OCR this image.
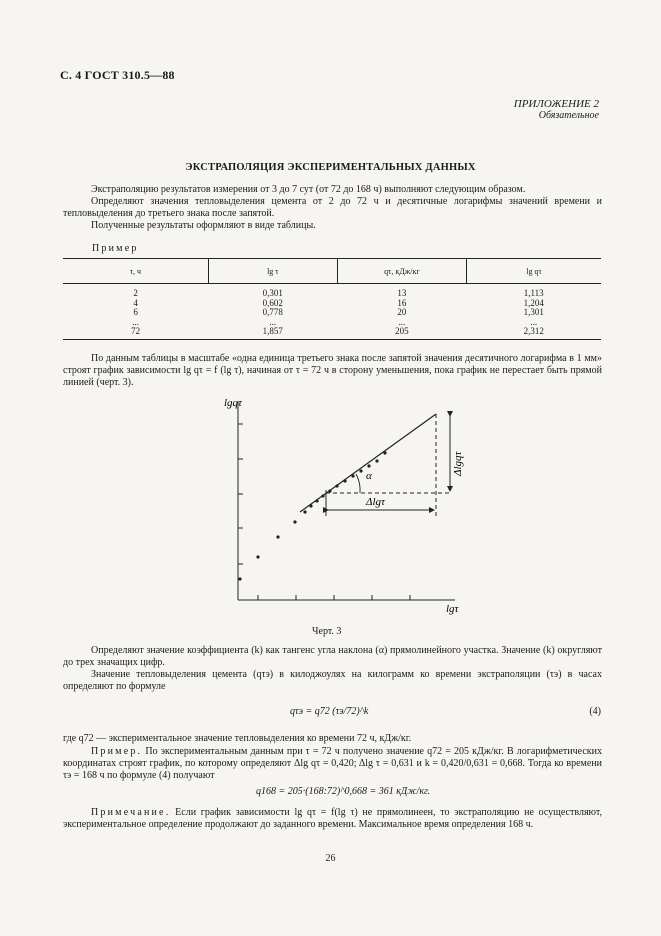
С. 4 ГОСТ 310.5—88
ПРИЛОЖЕНИЕ 2
Обязательное
ЭКСТРАПОЛЯЦИЯ ЭКСПЕРИМЕНТАЛЬНЫХ ДАННЫХ

Экстраполяцию результатов измерения от 3 до 7 сут (от 72 до 168 ч) выполняют следующим образом.

Определяют значения тепловыделения цемента от 2 до 72 ч и десятичные логарифмы значений времени и тепловыделения до третьего знака после запятой.

Полученные результаты оформляют в виде таблицы.

Пример
τ, ч	lg τ	qτ, кДж/кг	lg qτ
2	0,301	13	1,113
4	0,602	16	1,204
6	0,778	20	1,301
...	...	...	...
72	1,857	205	2,312

По данным таблицы в масштабе «одна единица третьего знака после запятой значения десятичного логарифма в 1 мм» строят график зависимости lg qτ = f (lg τ), начиная от τ = 72 ч в сторону уменьшения, пока график не перестает быть прямой линией (черт. 3).

lgqτ
lgτ
α
Δlgτ
Δlgqτ
Черт. 3

Определяют значение коэффициента (k) как тангенс угла наклона (α) прямолинейного участка. Значение (k) округляют до трех значащих цифр.

Значение тепловыделения цемента (qτэ) в килоджоулях на килограмм ко времени экстраполяции (τэ) в часах определяют по формуле

qτэ = q72 (τэ/72)^k	(4)

где q72 — экспериментальное значение тепловыделения ко времени 72 ч, кДж/кг.

Пример. По экспериментальным данным при τ = 72 ч получено значение q72 = 205 кДж/кг. В логарифметических координатах строят график, по которому определяют Δlg qτ = 0,420; Δlg τ = 0,631 и k = 0,420/0,631 = 0,668. Тогда ко времени τэ = 168 ч по формуле (4) получают

q168 = 205·(168:72)^0,668 = 361 кДж/кг.

Примечание. Если график зависимости lg qτ = f(lg τ) не прямолинеен, то экстраполяцию не осуществляют, экспериментальное определение продолжают до заданного времени. Максимальное время определения 168 ч.

26
